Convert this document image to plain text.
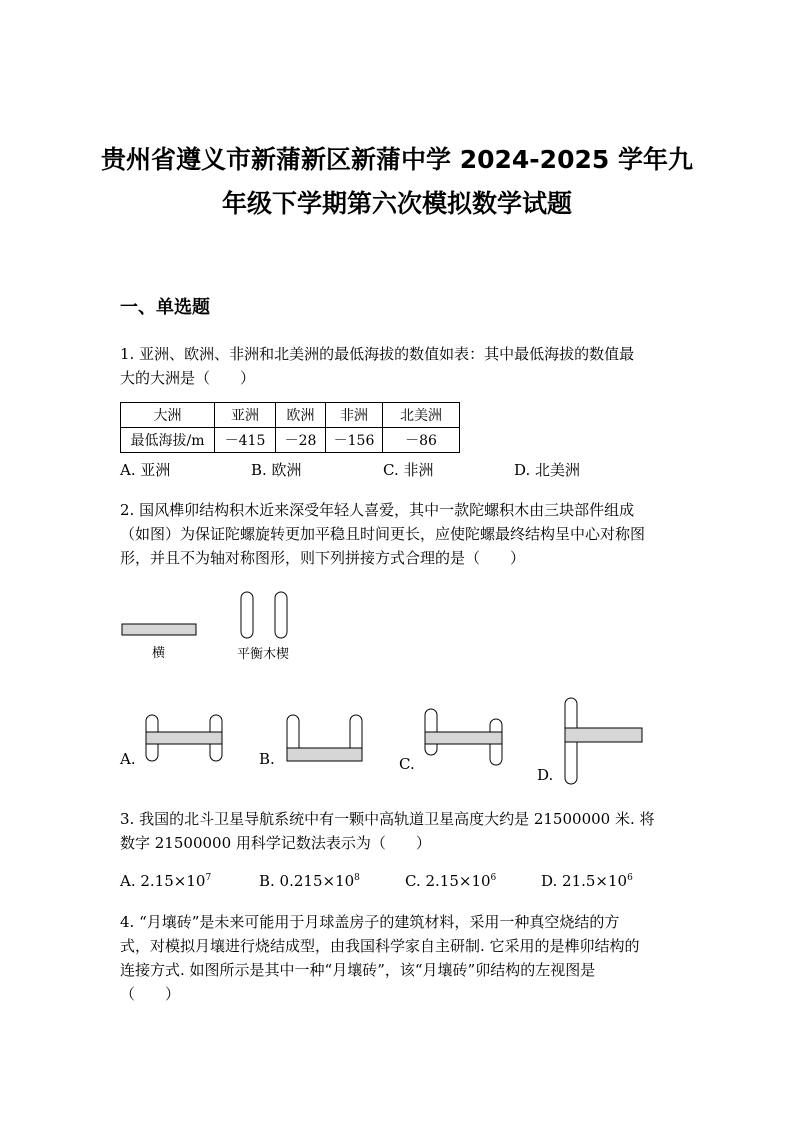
贵州省遵义市新蒲新区新蒲中学 2024-2025 学年九
年级下学期第六次模拟数学试题
一、单选题
1. 亚洲、欧洲、非洲和北美洲的最低海拔的数值如表：其中最低海拔的数值最
大的大洲是（　　）
大洲	亚洲	欧洲	非洲	北美洲
最低海拔/m	－415	－28	－156	－86
A. 亚洲	B. 欧洲	C. 非洲	D. 北美洲
2. 国风榫卯结构积木近来深受年轻人喜爱，其中一款陀螺积木由三块部件组成
（如图）为保证陀螺旋转更加平稳且时间更长，应使陀螺最终结构呈中心对称图
形，并且不为轴对称图形，则下列拼接方式合理的是（　　）
横	平衡木楔
A.	B.	C.
D.
3. 我国的北斗卫星导航系统中有一颗中高轨道卫星高度大约是 21500000 米. 将
数字 21500000 用科学记数法表示为（　　）
A. $2.15\times 10^7$	B. $0.215\times 10^8$	C. $2.15\times 10^6$	D. $21.5\times 10^6$
4. “月壤砖”是未来可能用于月球盖房子的建筑材料，采用一种真空烧结的方
式，对模拟月壤进行烧结成型，由我国科学家自主研制. 它采用的是榫卯结构的
连接方式. 如图所示是其中一种“月壤砖”，该“月壤砖”卯结构的左视图是
（　　）
